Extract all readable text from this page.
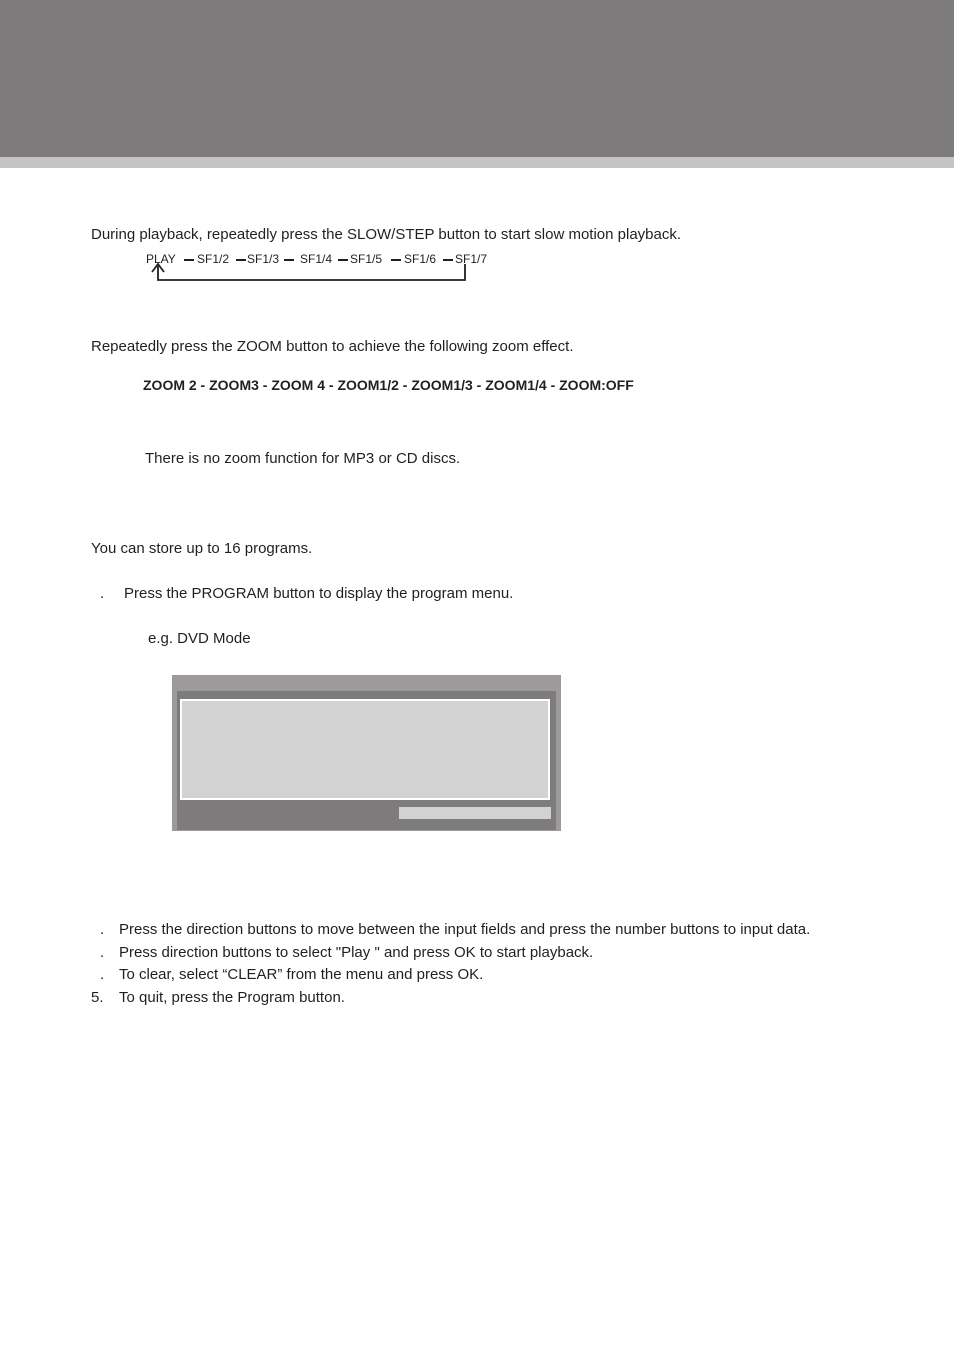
During playback, repeatedly press the SLOW/STEP button to start slow motion playback.
PLAY SF1/2 SF1/3 SF1/4 SF1/5 SF1/6 SF1/7
Repeatedly press the ZOOM button to achieve the following zoom effect.
ZOOM 2 - ZOOM3 - ZOOM 4 - ZOOM1/2 - ZOOM1/3 - ZOOM1/4 - ZOOM:OFF
There is no zoom function for MP3 or CD discs.
You can store up to 16 programs.
. Press the PROGRAM button to display the program menu.
e.g. DVD Mode
. Press the direction buttons to move between the input fields and press the number buttons to input data.
. Press direction buttons to select "Play " and press OK to start playback.
. To clear, select “CLEAR” from the menu and press OK.
5. To quit, press the Program button.
